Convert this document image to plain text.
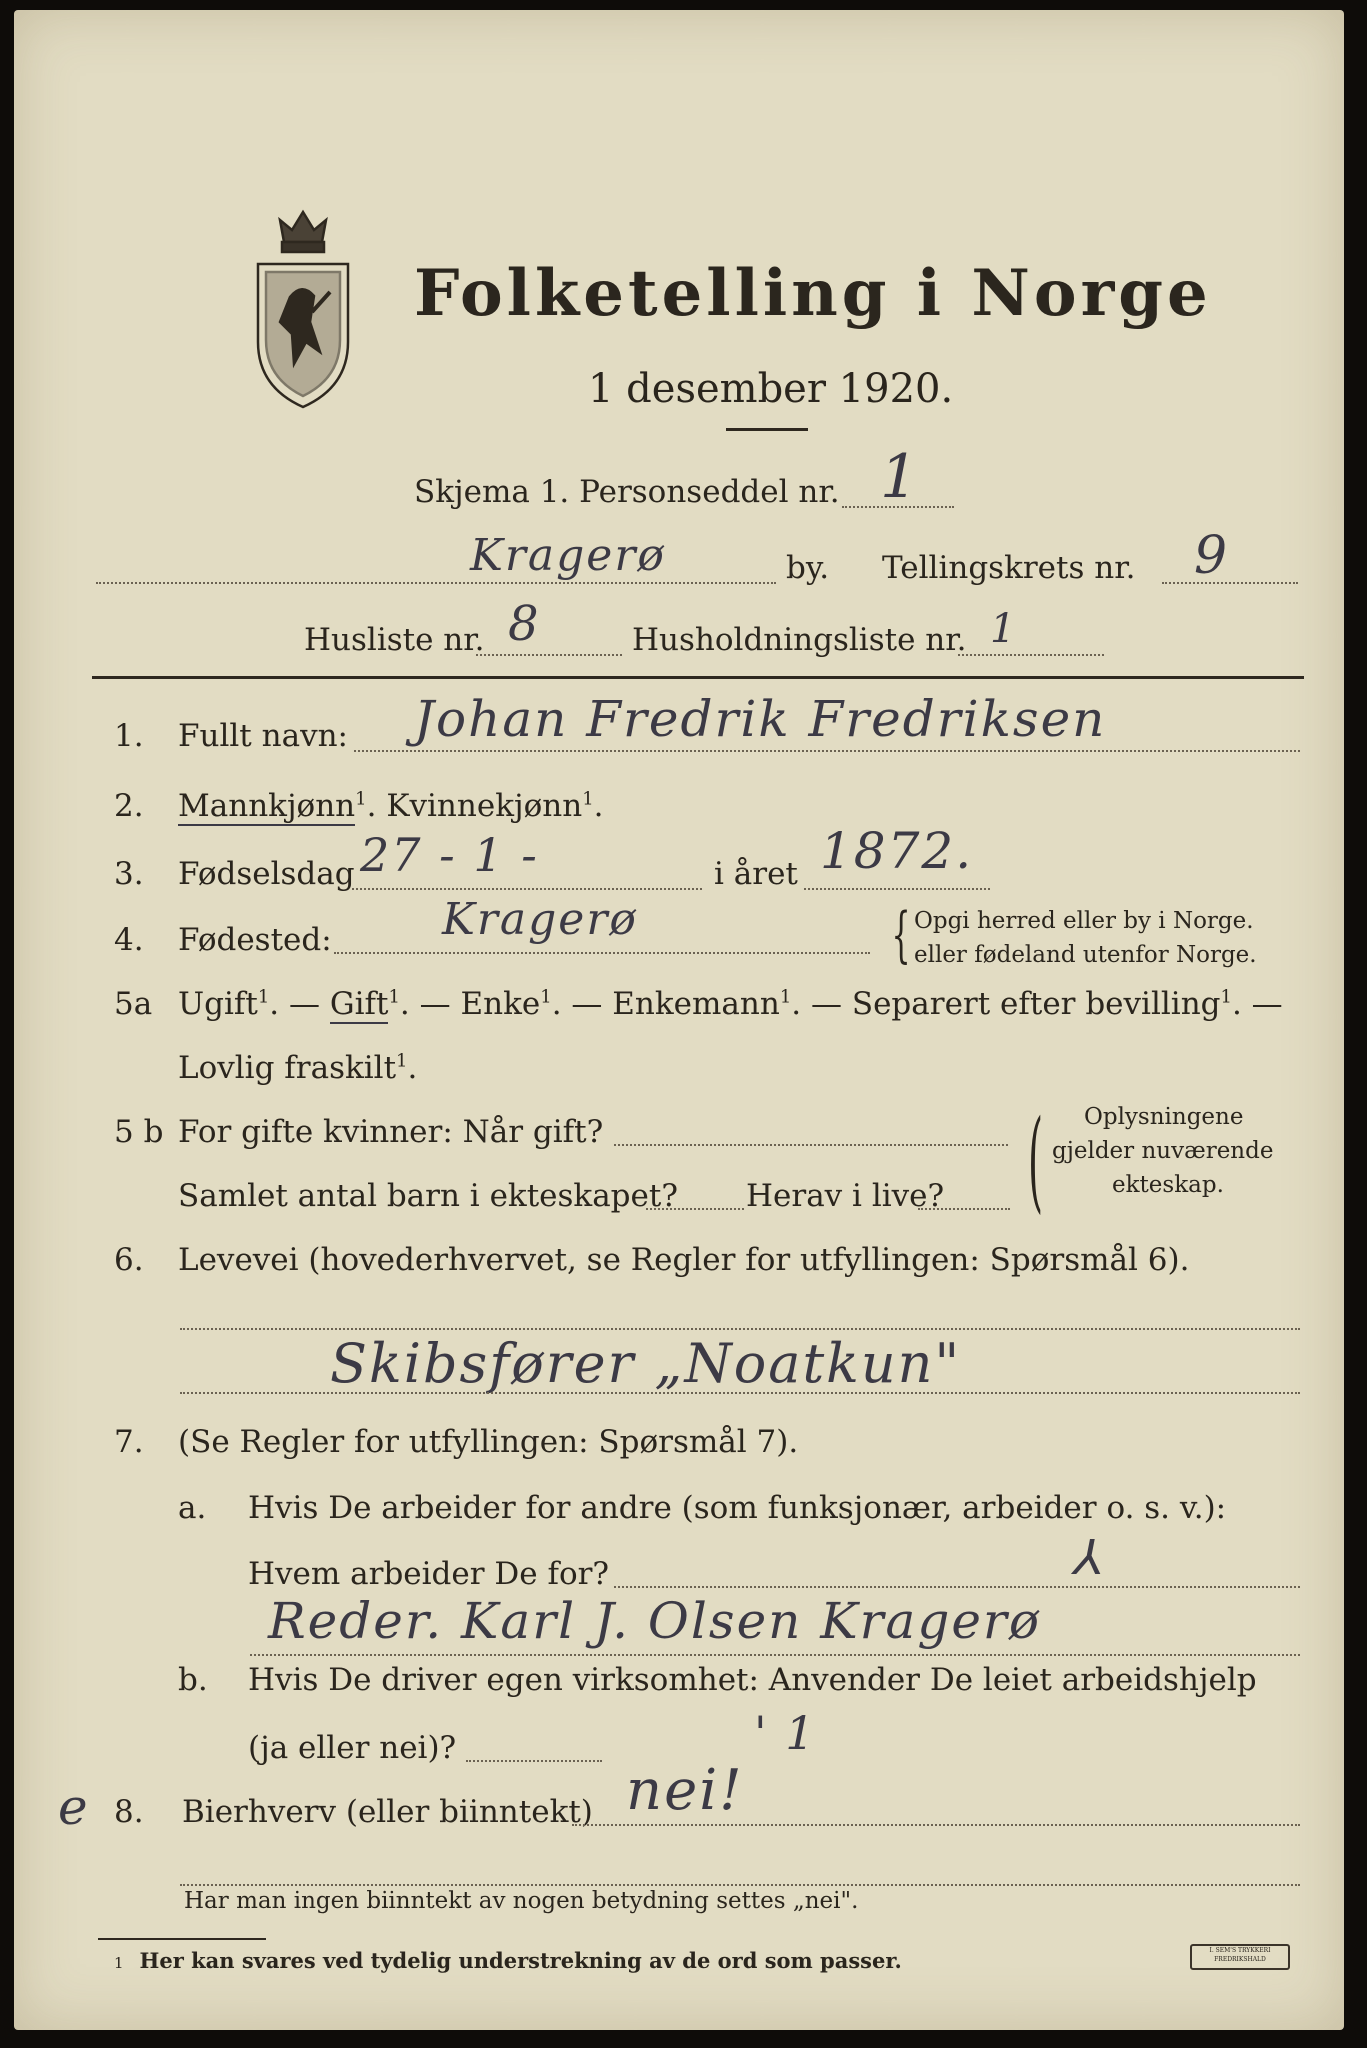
Folketelling i Norge
1 desember 1920.
Skjema 1. Personseddel nr. 1
Kragerø	by. Tellingskrets nr. 9
Husliste nr. 8	Husholdningsliste nr. 1
1. Fullt navn: Johan Fredrik Fredriksen
2. Mannkjønn$^1$. Kvinnekjønn$^1$.
3. Fødselsdag 27 - 1 -	i året 1872.
4. Fødested:	Kragerø	{ Opgi herred eller by i Norge.
eller fødeland utenfor Norge.
5a Ugift$^1$. — Gift$^1$. — Enke$^1$. — Enkemann$^1$. — Separert efter bevilling$^1$. —
Lovlig fraskilt$^1$.
5 b For gifte kvinner: Når gift?
Samlet antal barn i ekteskapet? Herav i live? ( Oplysningene
gjelder nuværende
ekteskap.
6. Levevei (hovederhvervet, se Regler for utfyllingen: Spørsmål 6).
Skibsfører „Noatkun"
7. (Se Regler for utfyllingen: Spørsmål 7).
a. Hvis De arbeider for andre (som funksjonær, arbeider o. s. v.):
Hvem arbeider De for?	⅄
Reder. Karl J. Olsen Kragerø
b. Hvis De driver egen virksomhet: Anvender De leiet arbeidshjelp
(ja eller nei)?	' 1
e 8. Bierhverv (eller biinntekt) nei!
Har man ingen biinntekt av nogen betydning settes „nei".
1 Her kan svares ved tydelig understrekning av de ord som passer.	I. SEM'S TRYKKERI
FREDRIKSHALD
